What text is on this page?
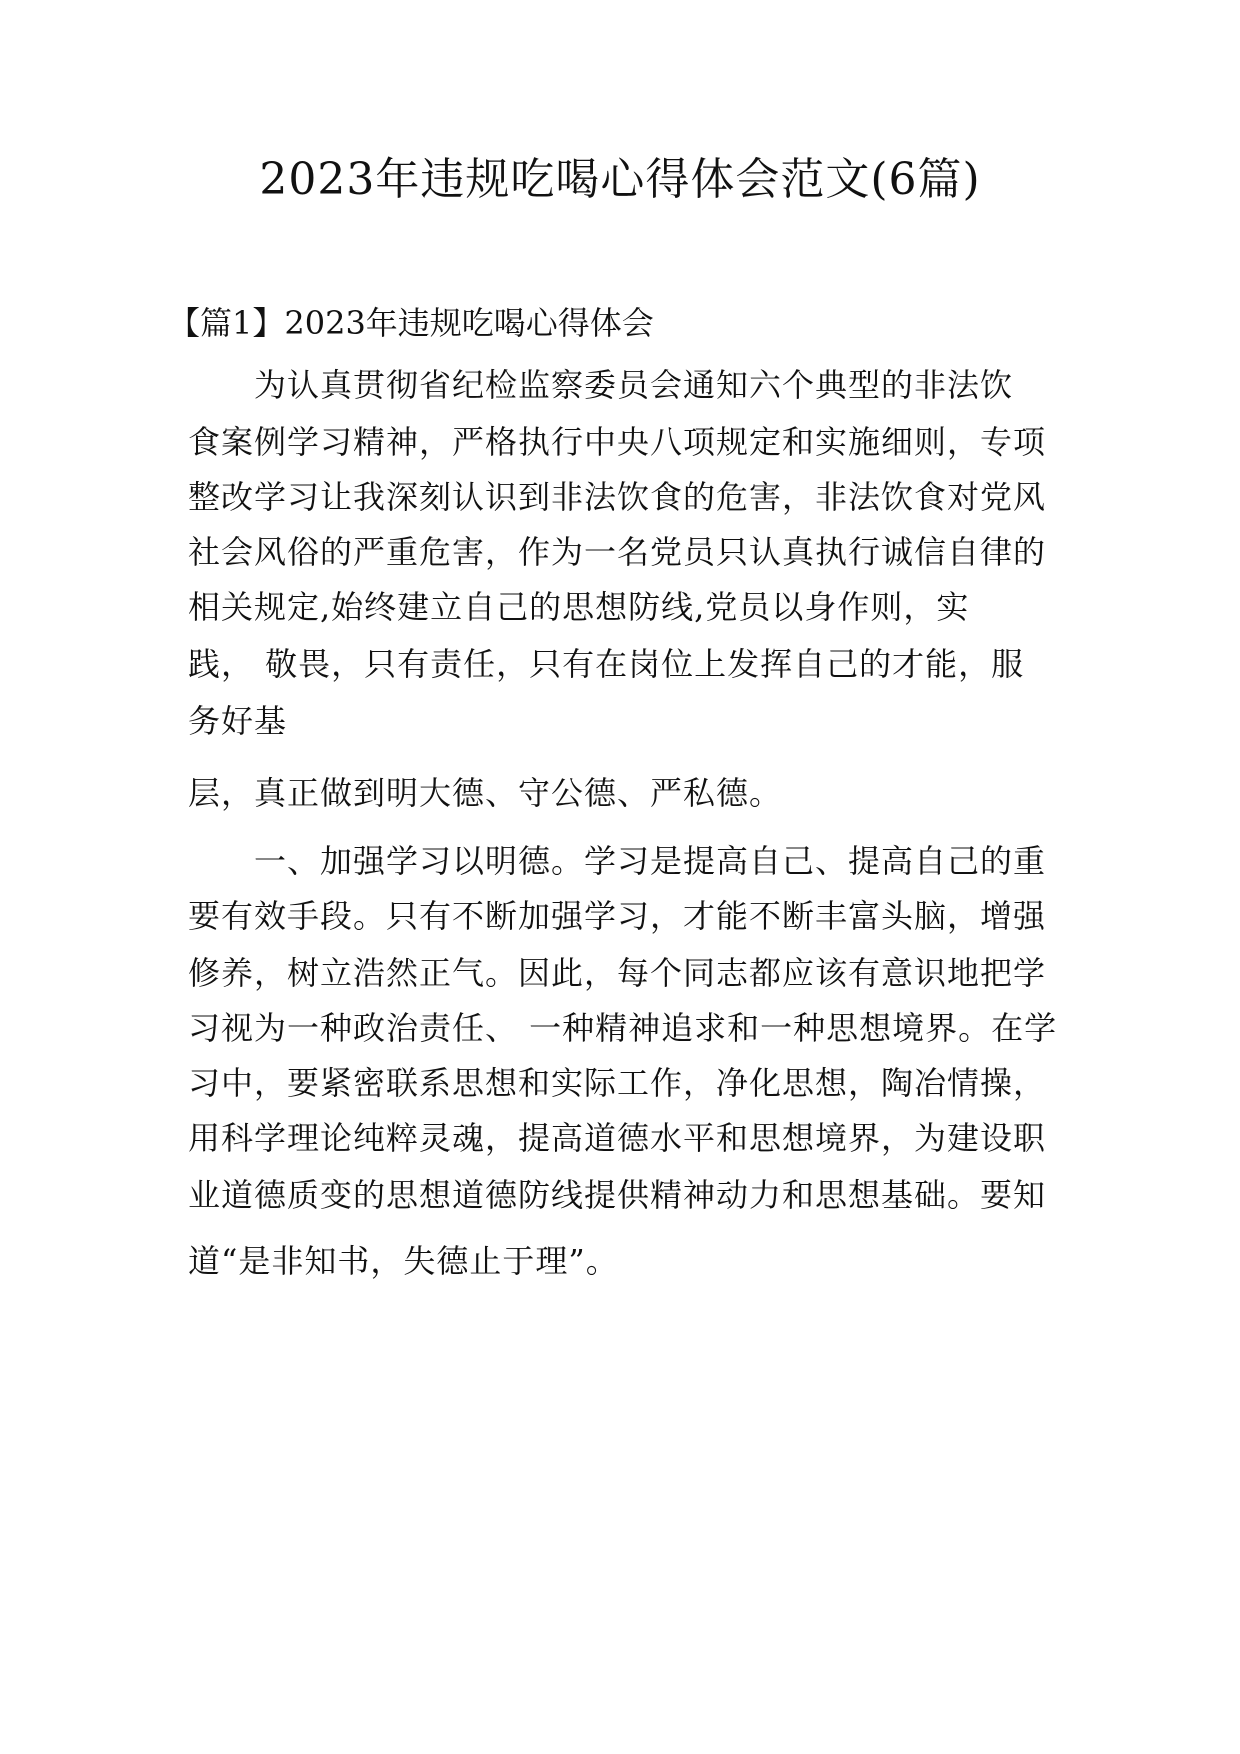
2023年违规吃喝心得体会范文(6篇)
【篇1】2023年违规吃喝心得体会
为认真贯彻省纪检监察委员会通知六个典型的非法饮
食案例学习精神，严格执行中央八项规定和实施细则，专项
整改学习让我深刻认识到非法饮食的危害，非法饮食对党风
社会风俗的严重危害，作为一名党员只认真执行诚信自律的
相关规定,始终建立自己的思想防线,党员以身作则，实
践， 敬畏，只有责任，只有在岗位上发挥自己的才能，服
务好基
层，真正做到明大德、守公德、严私德。
一、加强学习以明德。学习是提高自己、提高自己的重
要有效手段。只有不断加强学习，才能不断丰富头脑，增强
修养，树立浩然正气。因此，每个同志都应该有意识地把学
习视为一种政治责任、 一种精神追求和一种思想境界。在学
习中，要紧密联系思想和实际工作，净化思想，陶冶情操，
用科学理论纯粹灵魂，提高道德水平和思想境界，为建设职
业道德质变的思想道德防线提供精神动力和思想基础。要知
道“是非知书，失德止于理”。
